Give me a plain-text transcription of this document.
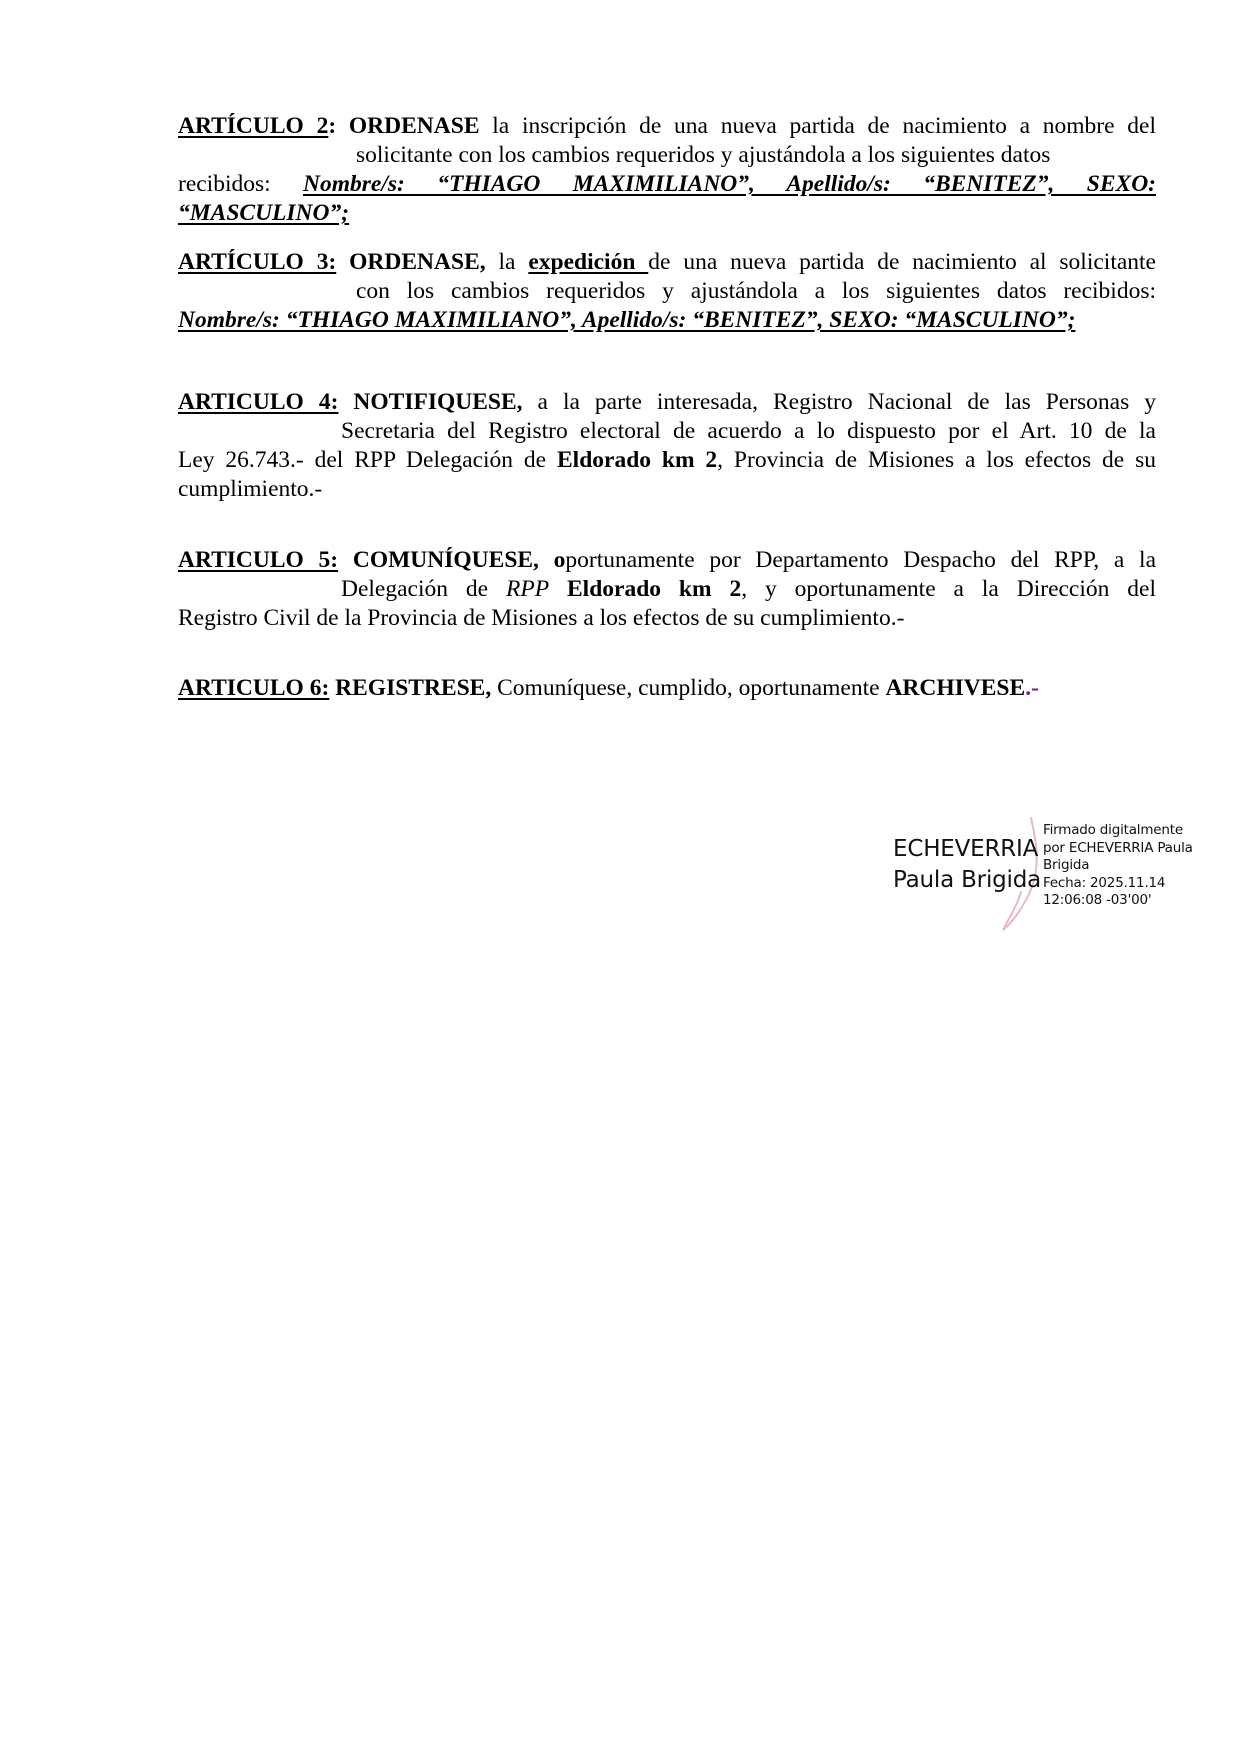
ARTÍCULO 2: ORDENASE la inscripción de una nueva partida de nacimiento a nombre del
solicitante con los cambios requeridos y ajustándola a los siguientes datos
recibidos: Nombre/s: “THIAGO MAXIMILIANO”, Apellido/s: “BENITEZ”, SEXO:
“MASCULINO”;
ARTÍCULO 3: ORDENASE, la expedición de una nueva partida de nacimiento al solicitante
con los cambios requeridos y ajustándola a los siguientes datos recibidos:
Nombre/s: “THIAGO MAXIMILIANO”, Apellido/s: “BENITEZ”, SEXO: “MASCULINO”;
ARTICULO 4: NOTIFIQUESE, a la parte interesada, Registro Nacional de las Personas y
Secretaria del Registro electoral de acuerdo a lo dispuesto por el Art. 10 de la
Ley 26.743.- del RPP Delegación de Eldorado km 2, Provincia de Misiones a los efectos de su
cumplimiento.-
ARTICULO 5: COMUNÍQUESE, oportunamente por Departamento Despacho del RPP, a la
Delegación de RPP Eldorado km 2, y oportunamente a la Dirección del
Registro Civil de la Provincia de Misiones a los efectos de su cumplimiento.-
ARTICULO 6: REGISTRESE, Comuníquese, cumplido, oportunamente ARCHIVESE.-
ECHEVERRIA
Paula Brigida
Firmado digitalmente
por ECHEVERRIA Paula
Brigida
Fecha: 2025.11.14
12:06:08 -03'00'
